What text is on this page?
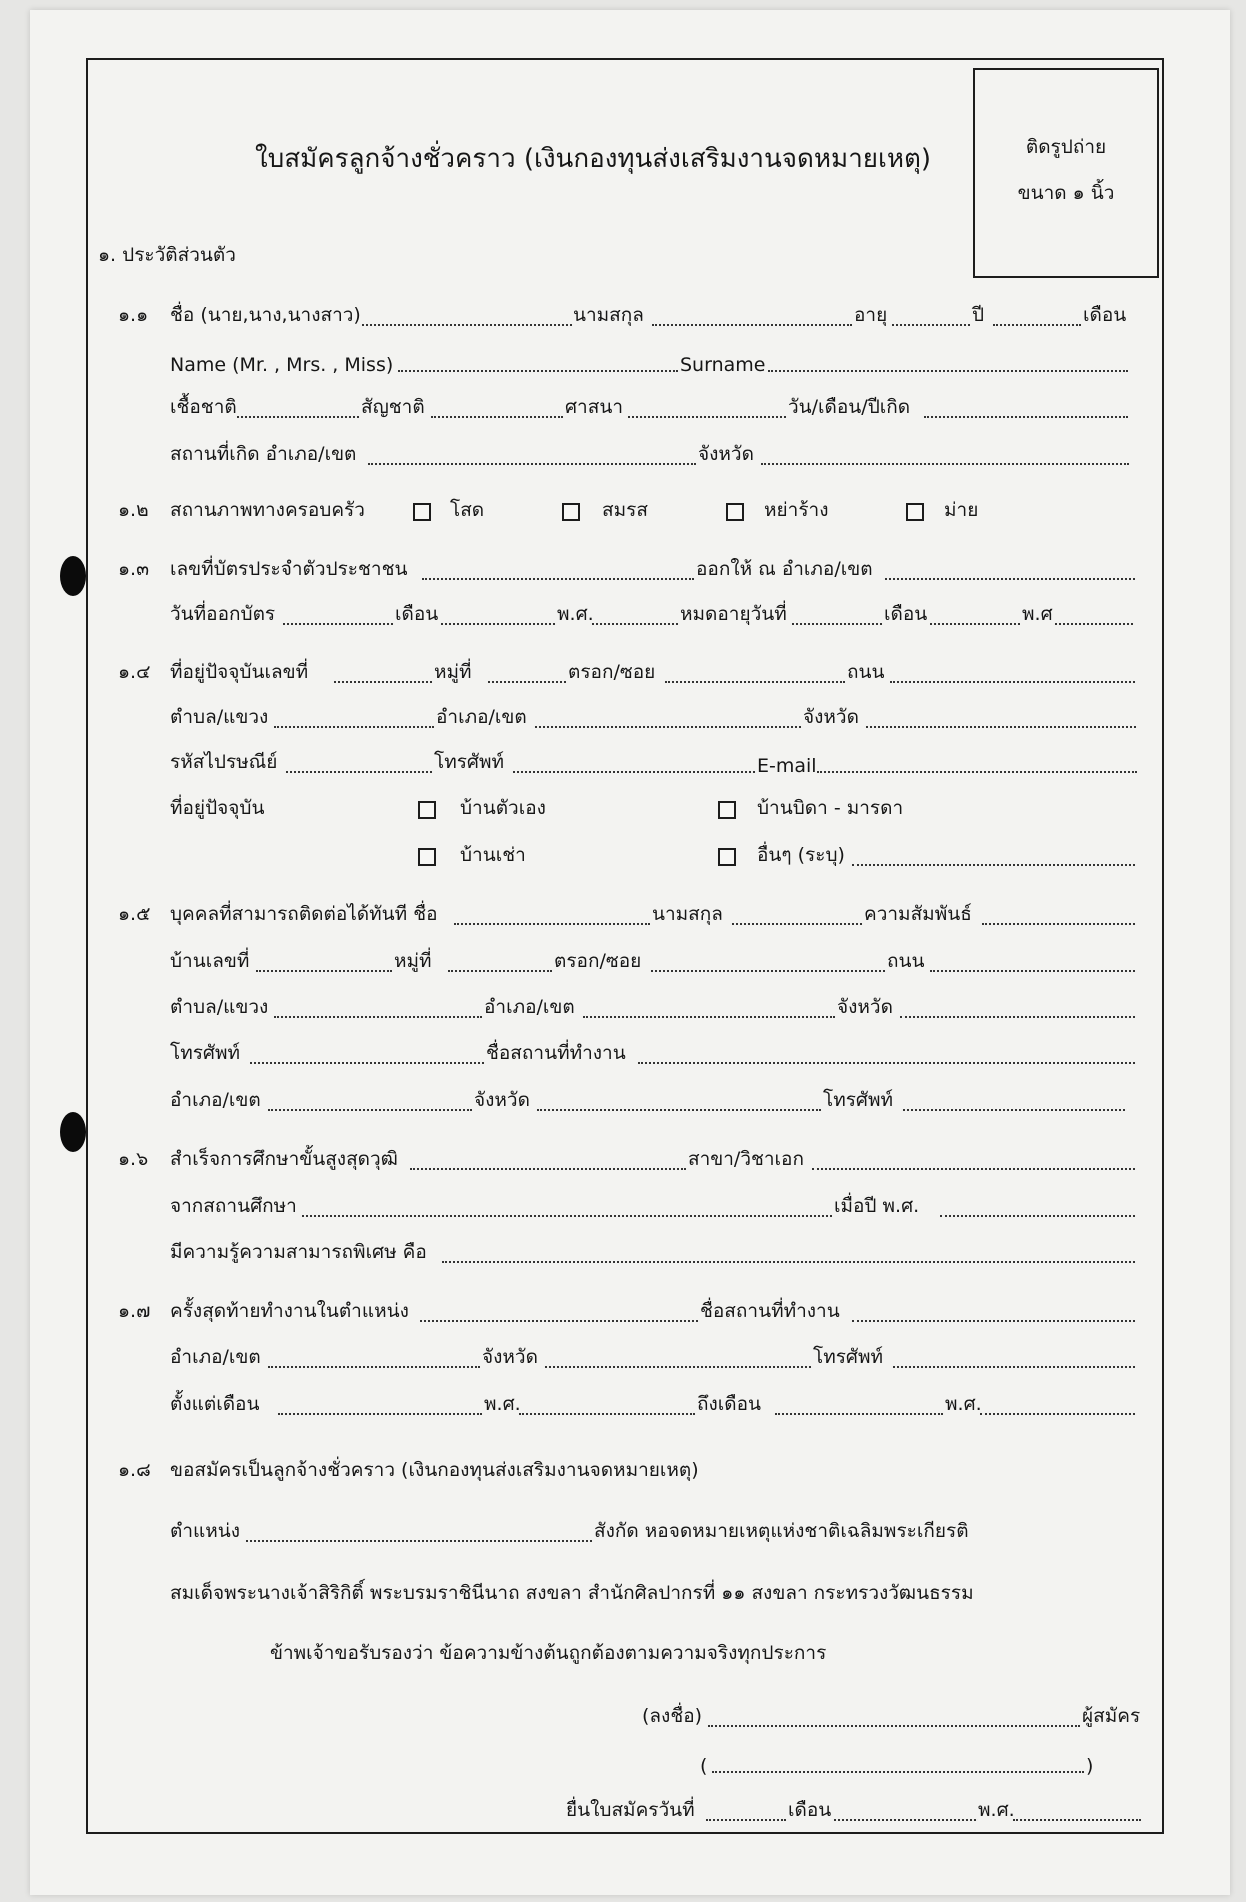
ติดรูปถ่าย
ขนาด ๑ นิ้ว
ใบสมัครลูกจ้างชั่วคราว (เงินกองทุนส่งเสริมงานจดหมายเหตุ)
๑. ประวัติส่วนตัว
๑.๑ ชื่อ (นาย,นาง,นางสาว)	นามสกุล	อายุ	ปี	เดือน
Name (Mr. , Mrs. , Miss)	Surname
เชื้อชาติ	สัญชาติ	ศาสนา	วัน/เดือน/ปีเกิด
สถานที่เกิด อำเภอ/เขต	จังหวัด
๑.๒ สถานภาพทางครอบครัว	โสด	สมรส	หย่าร้าง	ม่าย
๑.๓ เลขที่บัตรประจำตัวประชาชน	ออกให้ ณ อำเภอ/เขต
วันที่ออกบัตร	เดือน	พ.ศ.	หมดอายุวันที่	เดือน	พ.ศ
๑.๔ ที่อยู่ปัจจุบันเลขที่	หมู่ที่	ตรอก/ซอย	ถนน
ตำบล/แขวง	อำเภอ/เขต	จังหวัด
รหัสไปรษณีย์	โทรศัพท์	E-mail
ที่อยู่ปัจจุบัน	บ้านตัวเอง	บ้านบิดา - มารดา
บ้านเช่า	อื่นๆ (ระบุ)
๑.๕ บุคคลที่สามารถติดต่อได้ทันที ชื่อ	นามสกุล	ความสัมพันธ์
บ้านเลขที่	หมู่ที่	ตรอก/ซอย	ถนน
ตำบล/แขวง	อำเภอ/เขต	จังหวัด
โทรศัพท์	ชื่อสถานที่ทำงาน
อำเภอ/เขต	จังหวัด	โทรศัพท์
๑.๖ สำเร็จการศึกษาขั้นสูงสุดวุฒิ	สาขา/วิชาเอก
จากสถานศึกษา	เมื่อปี พ.ศ.
มีความรู้ความสามารถพิเศษ คือ
๑.๗ ครั้งสุดท้ายทำงานในตำแหน่ง	ชื่อสถานที่ทำงาน
อำเภอ/เขต	จังหวัด	โทรศัพท์
ตั้งแต่เดือน	พ.ศ.	ถึงเดือน	พ.ศ.
๑.๘ ขอสมัครเป็นลูกจ้างชั่วคราว (เงินกองทุนส่งเสริมงานจดหมายเหตุ)
ตำแหน่ง	สังกัด หอจดหมายเหตุแห่งชาติเฉลิมพระเกียรติ
สมเด็จพระนางเจ้าสิริกิติ์ พระบรมราชินีนาถ สงขลา สำนักศิลปากรที่ ๑๑ สงขลา กระทรวงวัฒนธรรม
ข้าพเจ้าขอรับรองว่า ข้อความข้างต้นถูกต้องตามความจริงทุกประการ
(ลงชื่อ)	ผู้สมัคร
(	)
ยื่นใบสมัครวันที่	เดือน	พ.ศ.
